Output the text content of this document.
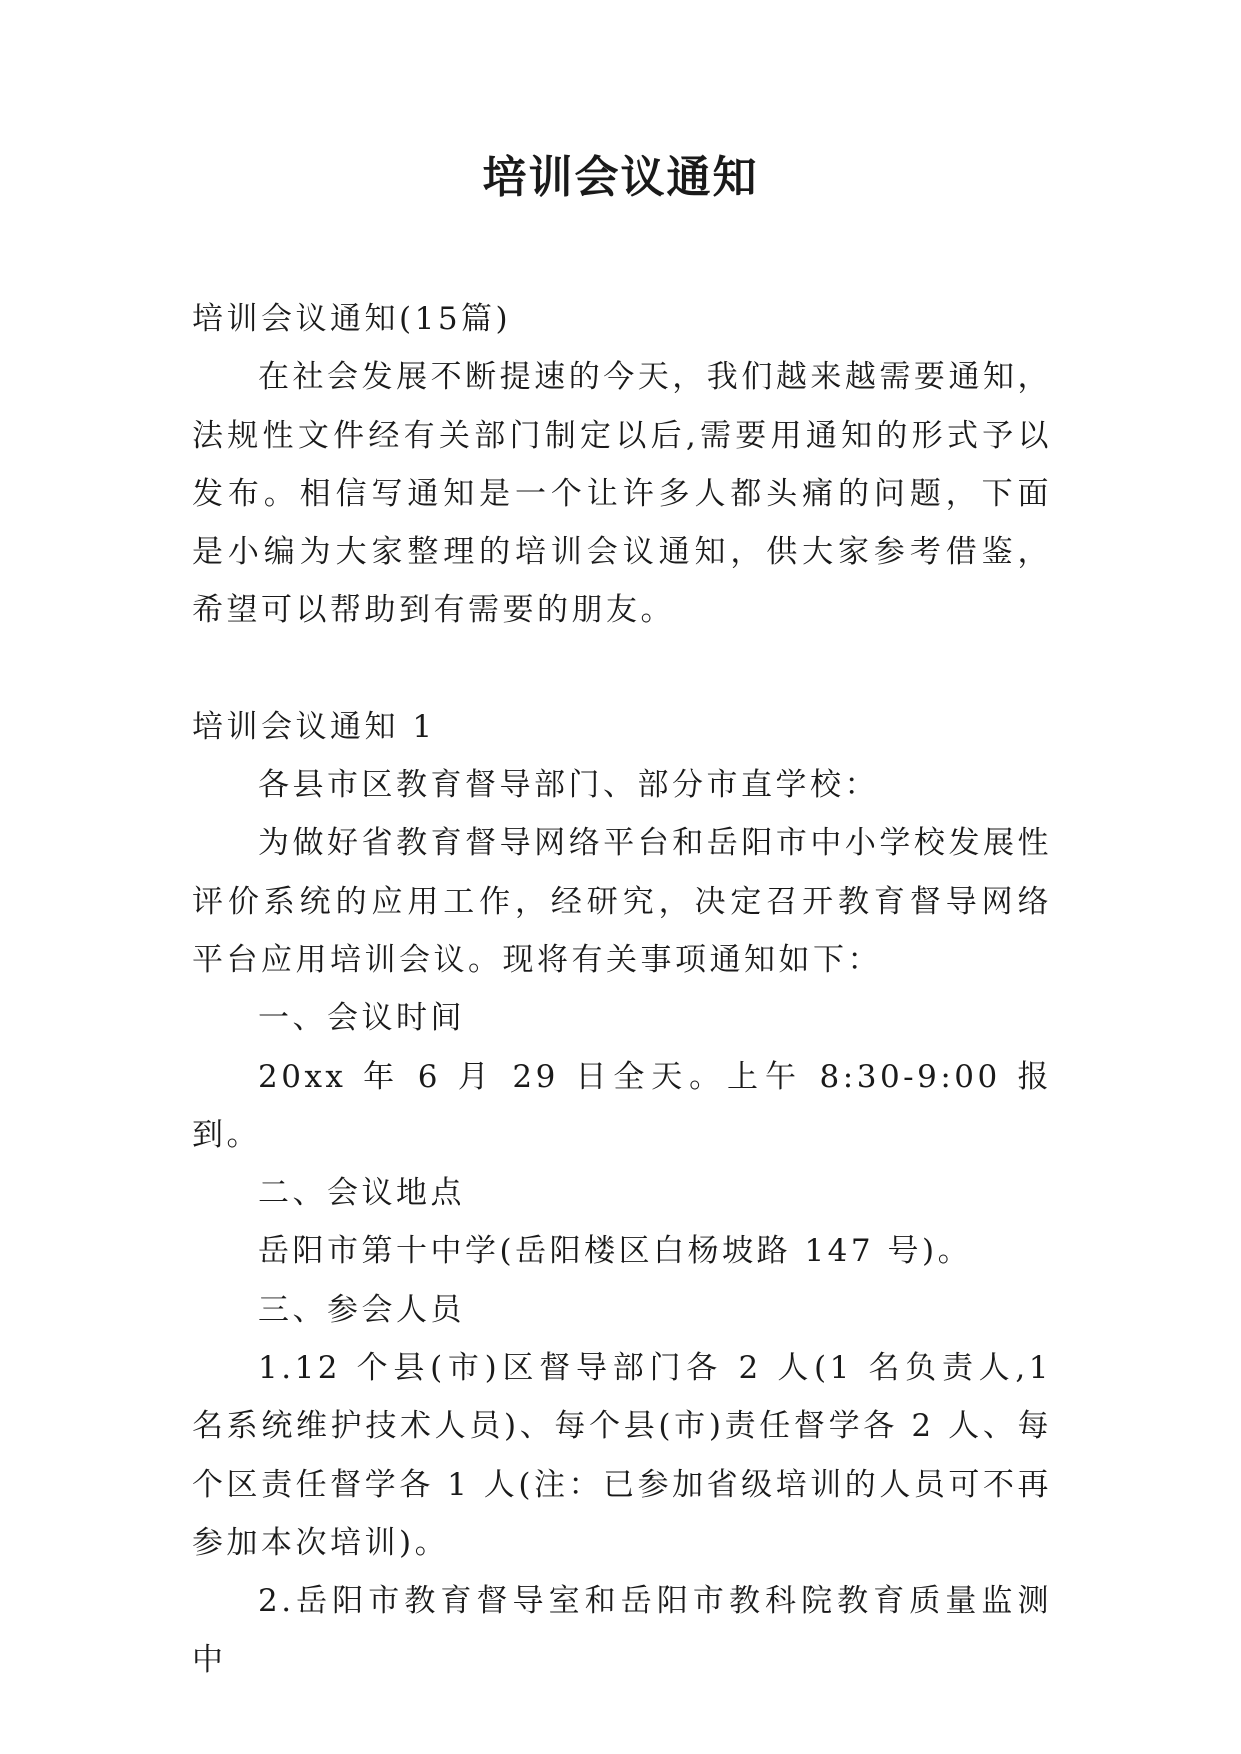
培训会议通知

培训会议通知(15篇)

在社会发展不断提速的今天，我们越来越需要通知，法规性文件经有关部门制定以后,需要用通知的形式予以发布。相信写通知是一个让许多人都头痛的问题，下面是小编为大家整理的培训会议通知，供大家参考借鉴，希望可以帮助到有需要的朋友。

培训会议通知 1

各县市区教育督导部门、部分市直学校：

为做好省教育督导网络平台和岳阳市中小学校发展性评价系统的应用工作，经研究，决定召开教育督导网络平台应用培训会议。现将有关事项通知如下：

一、会议时间

20xx 年 6 月 29 日全天。上午 8:30-9:00 报到。

二、会议地点

岳阳市第十中学(岳阳楼区白杨坡路 147 号)。

三、参会人员

1.12 个县(市)区督导部门各 2 人(1 名负责人,1 名系统维护技术人员)、每个县(市)责任督学各 2 人、每个区责任督学各 1 人(注：已参加省级培训的人员可不再参加本次培训)。

2.岳阳市教育督导室和岳阳市教科院教育质量监测中
